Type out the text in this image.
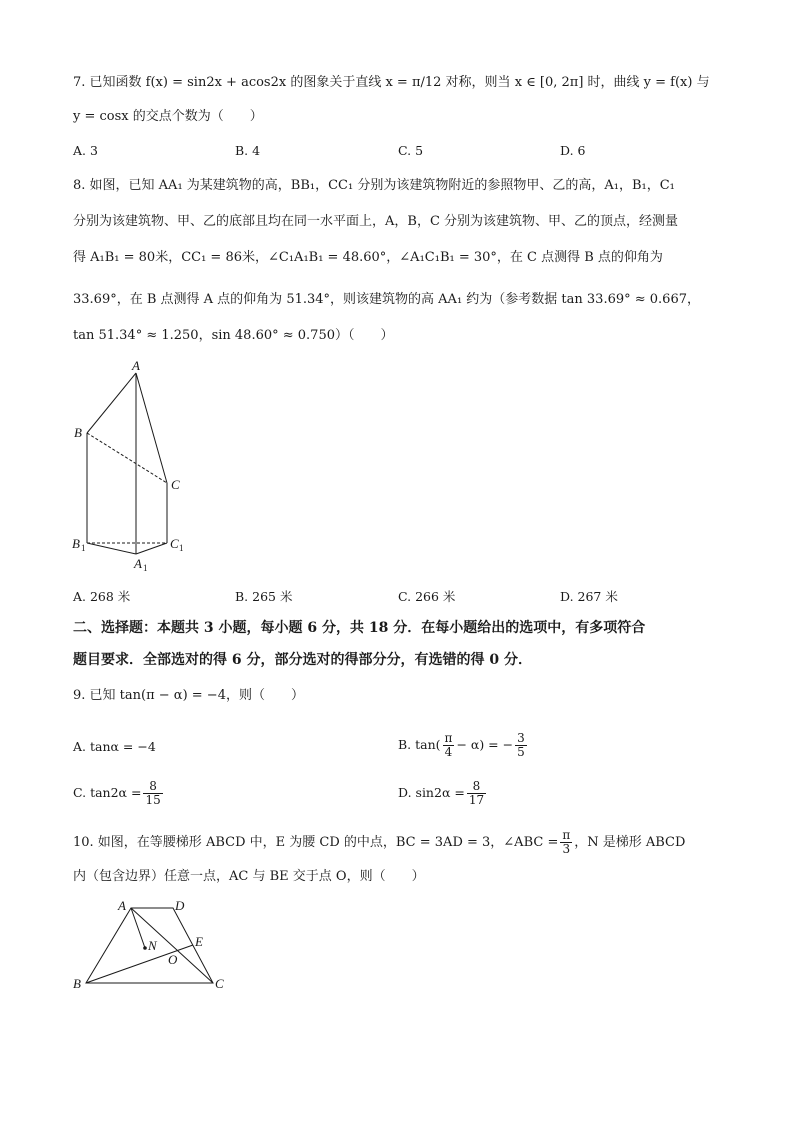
7. 已知函数 f(x) = sin2x + acos2x 的图象关于直线 x = π/12 对称，则当 x ∈ [0, 2π] 时，曲线 y = f(x) 与
y = cosx 的交点个数为（　　）
A. 3	B. 4	C. 5	D. 6
8. 如图，已知 AA₁ 为某建筑物的高，BB₁，CC₁ 分别为该建筑物附近的参照物甲、乙的高，A₁，B₁，C₁
分别为该建筑物、甲、乙的底部且均在同一水平面上，A，B，C 分别为该建筑物、甲、乙的顶点，经测量
得 A₁B₁ = 80米，CC₁ = 86米，∠C₁A₁B₁ = 48.60°，∠A₁C₁B₁ = 30°，在 C 点测得 B 点的仰角为
33.69°，在 B 点测得 A 点的仰角为 51.34°，则该建筑物的高 AA₁ 约为（参考数据 tan 33.69° ≈ 0.667，
tan 51.34° ≈ 1.250，sin 48.60° ≈ 0.750）（　　）
A
B
C
B 1	C 1
A 1
A. 268 米	B. 265 米	C. 266 米	D. 267 米
二、选择题：本题共 3 小题，每小题 6 分，共 18 分．在每小题给出的选项中，有多项符合
题目要求．全部选对的得 6 分，部分选对的得部分分，有选错的得 0 分．
9. 已知 tan(π − α) = −4，则（　　）
A. tanα = −4	B. $\tan( \frac{\pi}{4} - \alpha)$ = − $\frac{3}{5}$
C. $\tan 2\alpha = \frac{8}{15}$	D. $\sin 2\alpha = \frac{8}{17}$
10. 如图，在等腰梯形 ABCD 中，E 为腰 CD 的中点，BC = 3AD = 3，∠ABC = $\frac{\pi}{3}$ ，N 是梯形 ABCD
内（包含边界）任意一点，AC 与 BE 交于点 O，则（　　）
A	D
N	E
O
B	C
